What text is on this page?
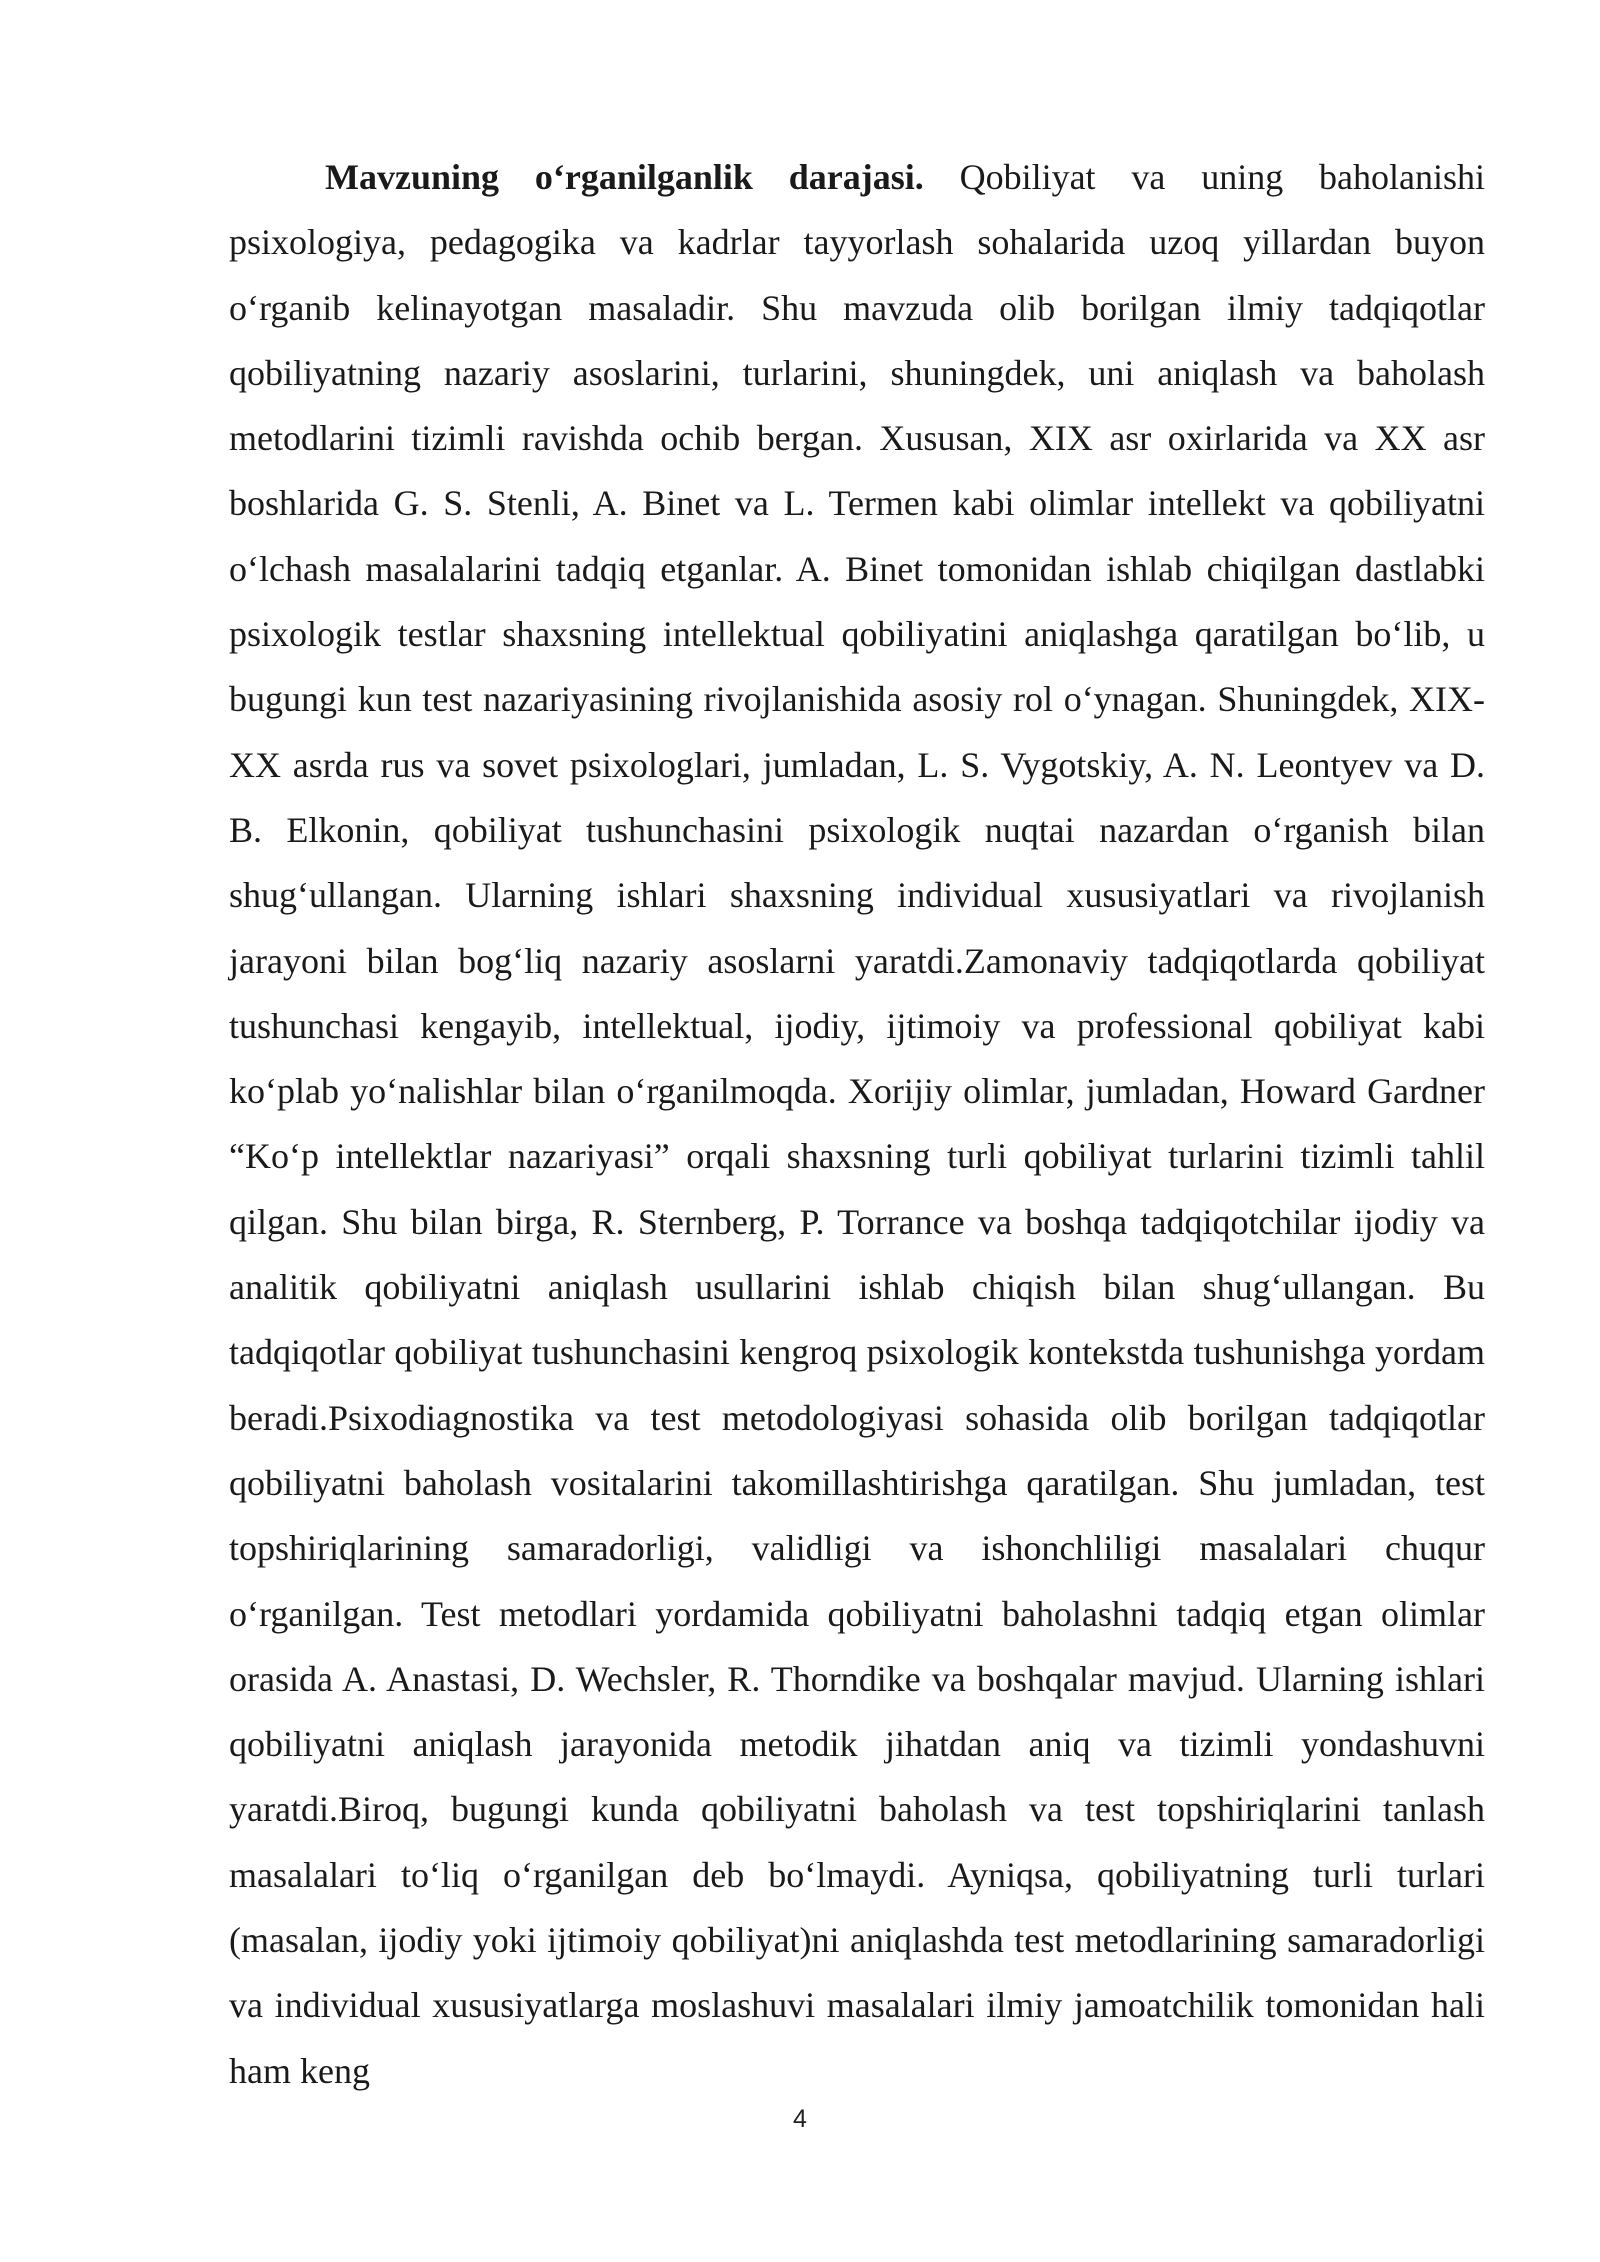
Mavzuning o‘rganilganlik darajasi. Qobiliyat va uning baholanishi psixologiya, pedagogika va kadrlar tayyorlash sohalarida uzoq yillardan buyon o‘rganib kelinayotgan masaladir. Shu mavzuda olib borilgan ilmiy tadqiqotlar qobiliyatning nazariy asoslarini, turlarini, shuningdek, uni aniqlash va baholash metodlarini tizimli ravishda ochib bergan. Xususan, XIX asr oxirlarida va XX asr boshlarida G. S. Stenli, A. Binet va L. Termen kabi olimlar intellekt va qobiliyatni o‘lchash masalalarini tadqiq etganlar. A. Binet tomonidan ishlab chiqilgan dastlabki psixologik testlar shaxsning intellektual qobiliyatini aniqlashga qaratilgan bo‘lib, u bugungi kun test nazariyasining rivojlanishida asosiy rol o‘ynagan. Shuningdek, XIX-XX asrda rus va sovet psixologlari, jumladan, L. S. Vygotskiy, A. N. Leontyev va D. B. Elkonin, qobiliyat tushunchasini psixologik nuqtai nazardan o‘rganish bilan shug‘ullangan. Ularning ishlari shaxsning individual xususiyatlari va rivojlanish jarayoni bilan bog‘liq nazariy asoslarni yaratdi.Zamonaviy tadqiqotlarda qobiliyat tushunchasi kengayib, intellektual, ijodiy, ijtimoiy va professional qobiliyat kabi ko‘plab yo‘nalishlar bilan o‘rganilmoqda. Xorijiy olimlar, jumladan, Howard Gardner “Ko‘p intellektlar nazariyasi” orqali shaxsning turli qobiliyat turlarini tizimli tahlil qilgan. Shu bilan birga, R. Sternberg, P. Torrance va boshqa tadqiqotchilar ijodiy va analitik qobiliyatni aniqlash usullarini ishlab chiqish bilan shug‘ullangan. Bu tadqiqotlar qobiliyat tushunchasini kengroq psixologik kontekstda tushunishga yordam beradi.Psixodiagnostika va test metodologiyasi sohasida olib borilgan tadqiqotlar qobiliyatni baholash vositalarini takomillashtirishga qaratilgan. Shu jumladan, test topshiriqlarining samaradorligi, validligi va ishonchliligi masalalari chuqur o‘rganilgan. Test metodlari yordamida qobiliyatni baholashni tadqiq etgan olimlar orasida A. Anastasi, D. Wechsler, R. Thorndike va boshqalar mavjud. Ularning ishlari qobiliyatni aniqlash jarayonida metodik jihatdan aniq va tizimli yondashuvni yaratdi.Biroq, bugungi kunda qobiliyatni baholash va test topshiriqlarini tanlash masalalari to‘liq o‘rganilgan deb bo‘lmaydi. Ayniqsa, qobiliyatning turli turlari (masalan, ijodiy yoki ijtimoiy qobiliyat)ni aniqlashda test metodlarining samaradorligi va individual xususiyatlarga moslashuvi masalalari ilmiy jamoatchilik tomonidan hali ham keng

4
